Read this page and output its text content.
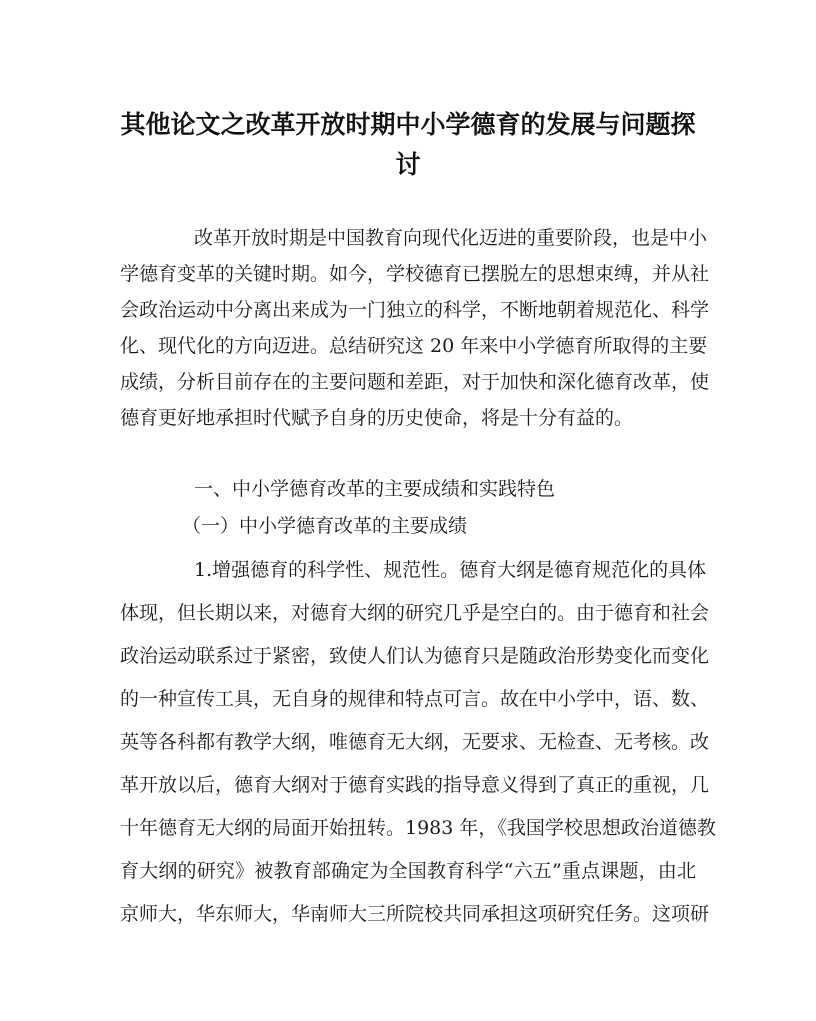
其他论文之改革开放时期中小学德育的发展与问题探
讨
改革开放时期是中国教育向现代化迈进的重要阶段，也是中小
学德育变革的关键时期。如今，学校德育已摆脱左的思想束缚，并从社
会政治运动中分离出来成为一门独立的科学，不断地朝着规范化、科学
化、现代化的方向迈进。总结研究这 20 年来中小学德育所取得的主要
成绩，分析目前存在的主要问题和差距，对于加快和深化德育改革，使
德育更好地承担时代赋予自身的历史使命，将是十分有益的。
一、中小学德育改革的主要成绩和实践特色
（一）中小学德育改革的主要成绩
1.增强德育的科学性、规范性。德育大纲是德育规范化的具体
体现，但长期以来，对德育大纲的研究几乎是空白的。由于德育和社会
政治运动联系过于紧密，致使人们认为德育只是随政治形势变化而变化
的一种宣传工具，无自身的规律和特点可言。故在中小学中，语、数、
英等各科都有教学大纲，唯德育无大纲，无要求、无检查、无考核。改
革开放以后，德育大纲对于德育实践的指导意义得到了真正的重视，几
十年德育无大纲的局面开始扭转。1983 年，《我国学校思想政治道德教
育大纲的研究》被教育部确定为全国教育科学“六五”重点课题，由北
京师大，华东师大，华南师大三所院校共同承担这项研究任务。这项研
